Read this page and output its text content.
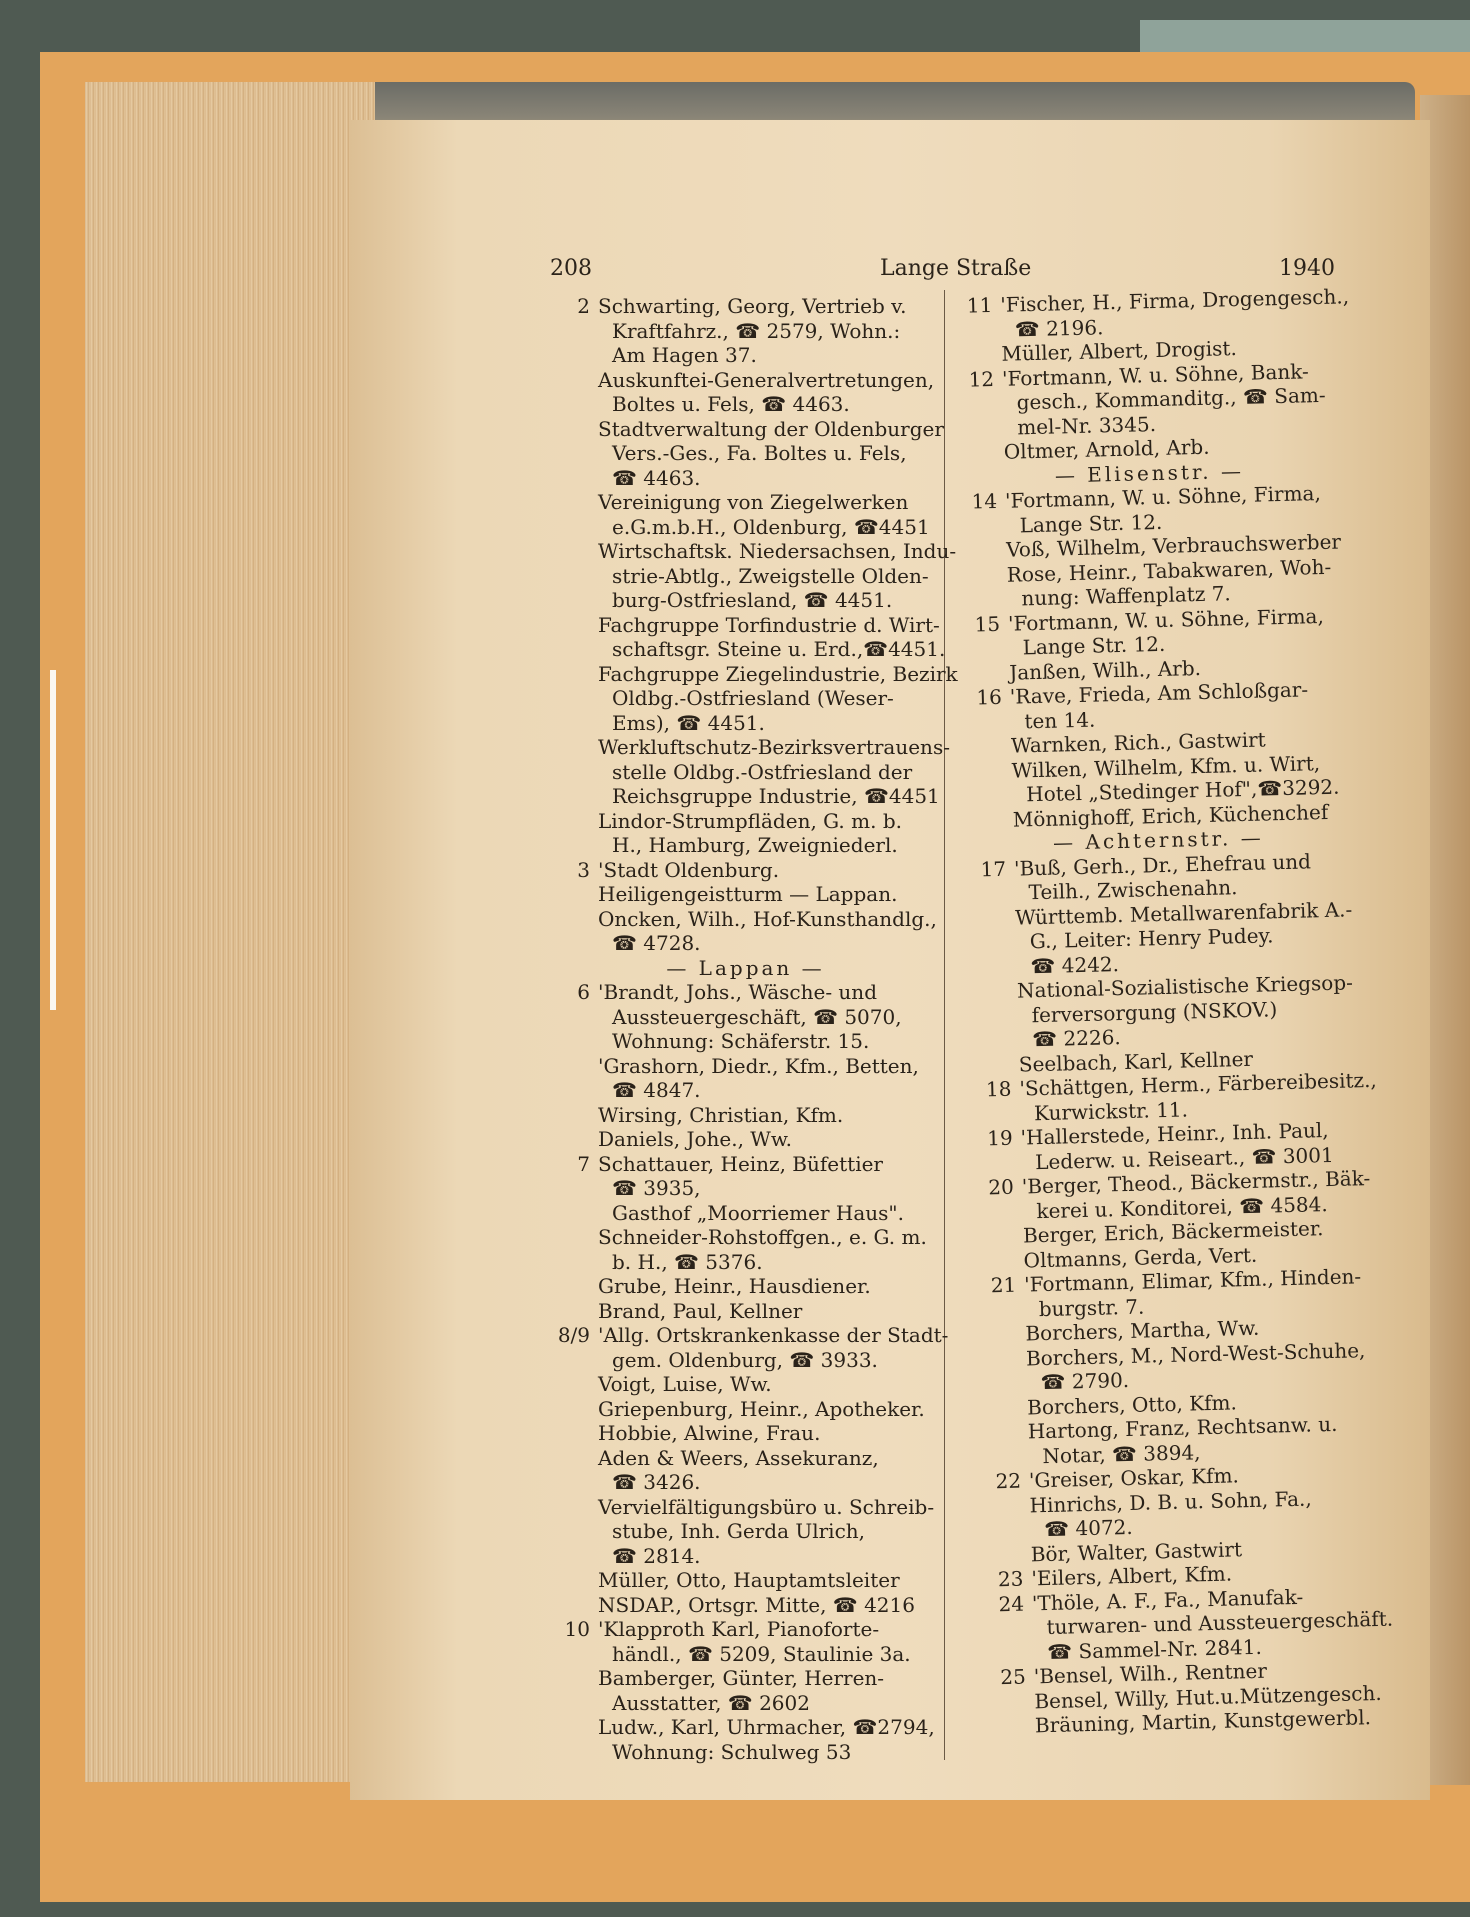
208	Lange Straße	1940
2 Schwarting, Georg, Vertrieb v.
Kraftfahrz., ☎ 2579, Wohn.:
Am Hagen 37.
Auskunftei-Generalvertretungen,
Boltes u. Fels, ☎ 4463.
Stadtverwaltung der Oldenburger
Vers.-Ges., Fa. Boltes u. Fels,
☎ 4463.
Vereinigung von Ziegelwerken
e.G.m.b.H., Oldenburg, ☎4451
Wirtschaftsk. Niedersachsen, Indu-
strie-Abtlg., Zweigstelle Olden-
burg-Ostfriesland, ☎ 4451.
Fachgruppe Torfindustrie d. Wirt-
schaftsgr. Steine u. Erd.,☎4451.
Fachgruppe Ziegelindustrie, Bezirk
Oldbg.-Ostfriesland (Weser-
Ems), ☎ 4451.
Werkluftschutz-Bezirksvertrauens-
stelle Oldbg.-Ostfriesland der
Reichsgruppe Industrie, ☎4451
Lindor-Strumpfläden, G. m. b.
H., Hamburg, Zweigniederl.
3 'Stadt Oldenburg.
Heiligengeistturm — Lappan.
Oncken, Wilh., Hof-Kunsthandlg.,
☎ 4728.
— Lappan —
6 'Brandt, Johs., Wäsche- und
Aussteuergeschäft, ☎ 5070,
Wohnung: Schäferstr. 15.
'Grashorn, Diedr., Kfm., Betten,
☎ 4847.
Wirsing, Christian, Kfm.
Daniels, Johe., Ww.
7 Schattauer, Heinz, Büfettier
☎ 3935,
Gasthof „Moorriemer Haus".
Schneider-Rohstoffgen., e. G. m.
b. H., ☎ 5376.
Grube, Heinr., Hausdiener.
Brand, Paul, Kellner
8/9 'Allg. Ortskrankenkasse der Stadt-
gem. Oldenburg, ☎ 3933.
Voigt, Luise, Ww.
Griepenburg, Heinr., Apotheker.
Hobbie, Alwine, Frau.
Aden & Weers, Assekuranz,
☎ 3426.
Vervielfältigungsbüro u. Schreib-
stube, Inh. Gerda Ulrich,
☎ 2814.
Müller, Otto, Hauptamtsleiter
NSDAP., Ortsgr. Mitte, ☎ 4216
10 'Klapproth Karl, Pianoforte-
händl., ☎ 5209, Staulinie 3a.
Bamberger, Günter, Herren-
Ausstatter, ☎ 2602
Ludw., Karl, Uhrmacher, ☎2794,
Wohnung: Schulweg 53
11 'Fischer, H., Firma, Drogengesch.,
☎ 2196.
Müller, Albert, Drogist.
12 'Fortmann, W. u. Söhne, Bank-
gesch., Kommanditg., ☎ Sam-
mel-Nr. 3345.
Oltmer, Arnold, Arb.
— Elisenstr. —
14 'Fortmann, W. u. Söhne, Firma,
Lange Str. 12.
Voß, Wilhelm, Verbrauchswerber
Rose, Heinr., Tabakwaren, Woh-
nung: Waffenplatz 7.
15 'Fortmann, W. u. Söhne, Firma,
Lange Str. 12.
Janßen, Wilh., Arb.
16 'Rave, Frieda, Am Schloßgar-
ten 14.
Warnken, Rich., Gastwirt
Wilken, Wilhelm, Kfm. u. Wirt,
Hotel „Stedinger Hof",☎3292.
Mönnighoff, Erich, Küchenchef
— Achternstr. —
17 'Buß, Gerh., Dr., Ehefrau und
Teilh., Zwischenahn.
Württemb. Metallwarenfabrik A.-
G., Leiter: Henry Pudey.
☎ 4242.
National-Sozialistische Kriegsop-
ferversorgung (NSKOV.)
☎ 2226.
Seelbach, Karl, Kellner
18 'Schättgen, Herm., Färbereibesitz.,
Kurwickstr. 11.
19 'Hallerstede, Heinr., Inh. Paul,
Lederw. u. Reiseart., ☎ 3001
20 'Berger, Theod., Bäckermstr., Bäk-
kerei u. Konditorei, ☎ 4584.
Berger, Erich, Bäckermeister.
Oltmanns, Gerda, Vert.
21 'Fortmann, Elimar, Kfm., Hinden-
burgstr. 7.
Borchers, Martha, Ww.
Borchers, M., Nord-West-Schuhe,
☎ 2790.
Borchers, Otto, Kfm.
Hartong, Franz, Rechtsanw. u.
Notar, ☎ 3894,
22 'Greiser, Oskar, Kfm.
Hinrichs, D. B. u. Sohn, Fa.,
☎ 4072.
Bör, Walter, Gastwirt
23 'Eilers, Albert, Kfm.
24 'Thöle, A. F., Fa., Manufak-
turwaren- und Aussteuergeschäft.
☎ Sammel-Nr. 2841.
25 'Bensel, Wilh., Rentner
Bensel, Willy, Hut.u.Mützengesch.
Bräuning, Martin, Kunstgewerbl.
